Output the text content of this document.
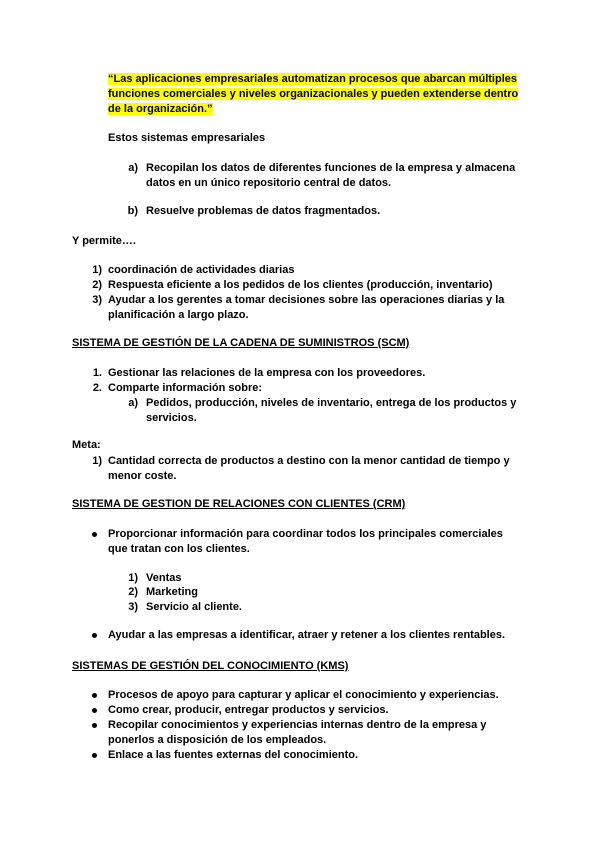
“Las aplicaciones empresariales automatizan procesos que abarcan múltiples
funciones comerciales y niveles organizacionales y pueden extenderse dentro
de la organización.”
Estos sistemas empresariales
a) Recopilan los datos de diferentes funciones de la empresa y almacena
datos en un único repositorio central de datos.
b) Resuelve problemas de datos fragmentados.
Y permite….
1) coordinación de actividades diarias
2) Respuesta eficiente a los pedidos de los clientes (producción, inventario)
3) Ayudar a los gerentes a tomar decisiones sobre las operaciones diarias y la
planificación a largo plazo.
SISTEMA DE GESTIÓN DE LA CADENA DE SUMINISTROS (SCM)
1. Gestionar las relaciones de la empresa con los proveedores.
2. Comparte información sobre:
a) Pedidos, producción, niveles de inventario, entrega de los productos y
servicios.
Meta:
1) Cantidad correcta de productos a destino con la menor cantidad de tiempo y
menor coste.
SISTEMA DE GESTION DE RELACIONES CON CLIENTES (CRM)
Proporcionar información para coordinar todos los principales comerciales
que tratan con los clientes.
1) Ventas
2) Marketing
3) Servicio al cliente.
Ayudar a las empresas a identificar, atraer y retener a los clientes rentables.
SISTEMAS DE GESTIÓN DEL CONOCIMIENTO (KMS)
Procesos de apoyo para capturar y aplicar el conocimiento y experiencias.
Como crear, producir, entregar productos y servicios.
Recopilar conocimientos y experiencias internas dentro de la empresa y
ponerlos a disposición de los empleados.
Enlace a las fuentes externas del conocimiento.
